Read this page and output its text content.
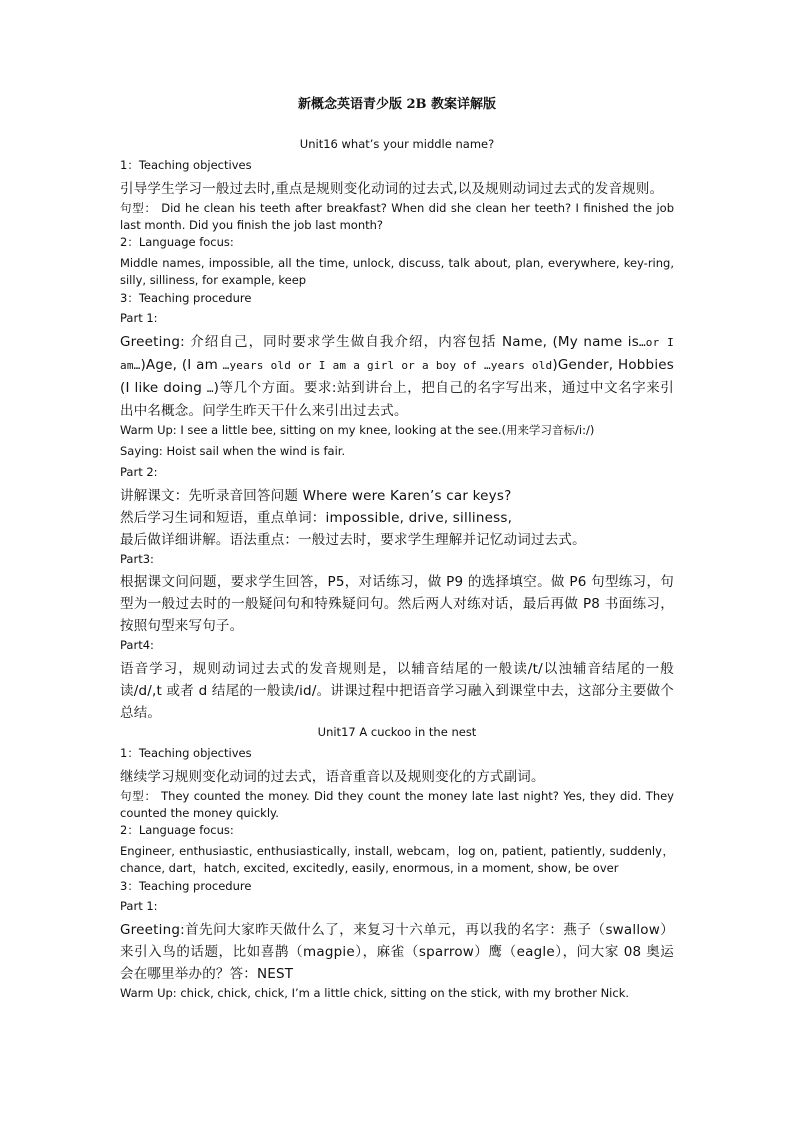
新概念英语青少版 2B 教案详解版

Unit16 what’s your middle name?

1：Teaching objectives

引导学生学习一般过去时,重点是规则变化动词的过去式,以及规则动词过去式的发音规则。

句型： Did he clean his teeth after breakfast? When did she clean her teeth? I finished the job last month. Did you finish the job last month?

2：Language focus:

Middle names, impossible, all the time, unlock, discuss, talk about, plan, everywhere, key-ring, silly, silliness, for example, keep

3：Teaching procedure

Part 1:

Greeting: 介绍自己，同时要求学生做自我介绍，内容包括 Name, (My name is…or I am…)Age, (I am …years old or I am a girl or a boy of …years old)Gender, Hobbies (I like doing …)等几个方面。要求:站到讲台上，把自己的名字写出来，通过中文名字来引出中名概念。问学生昨天干什么来引出过去式。

Warm Up: I see a little bee, sitting on my knee, looking at the see.(用来学习音标/i:/)

Saying: Hoist sail when the wind is fair.

Part 2:

讲解课文：先听录音回答问题 Where were Karen’s car keys?

然后学习生词和短语，重点单词：impossible, drive, silliness,

最后做详细讲解。语法重点：一般过去时，要求学生理解并记忆动词过去式。

Part3:

根据课文问问题，要求学生回答，P5，对话练习，做 P9 的选择填空。做 P6 句型练习，句型为一般过去时的一般疑问句和特殊疑问句。然后两人对练对话，最后再做 P8 书面练习，按照句型来写句子。

Part4:

语音学习，规则动词过去式的发音规则是，以辅音结尾的一般读/t/以浊辅音结尾的一般读/d/,t 或者 d 结尾的一般读/id/。讲课过程中把语音学习融入到课堂中去，这部分主要做个总结。

Unit17 A cuckoo in the nest

1：Teaching objectives

继续学习规则变化动词的过去式，语音重音以及规则变化的方式副词。

句型： They counted the money. Did they count the money late last night? Yes, they did. They counted the money quickly.

2：Language focus:

Engineer, enthusiastic, enthusiastically, install, webcam，log on, patient, patiently, suddenly，chance, dart，hatch, excited, excitedly, easily, enormous, in a moment, show, be over

3：Teaching procedure

Part 1:

Greeting:首先问大家昨天做什么了，来复习十六单元，再以我的名字：燕子（swallow）来引入鸟的话题，比如喜鹊（magpie），麻雀（sparrow）鹰（eagle），问大家 08 奥运会在哪里举办的？答：NEST

Warm Up: chick, chick, chick, I’m a little chick, sitting on the stick, with my brother Nick.
